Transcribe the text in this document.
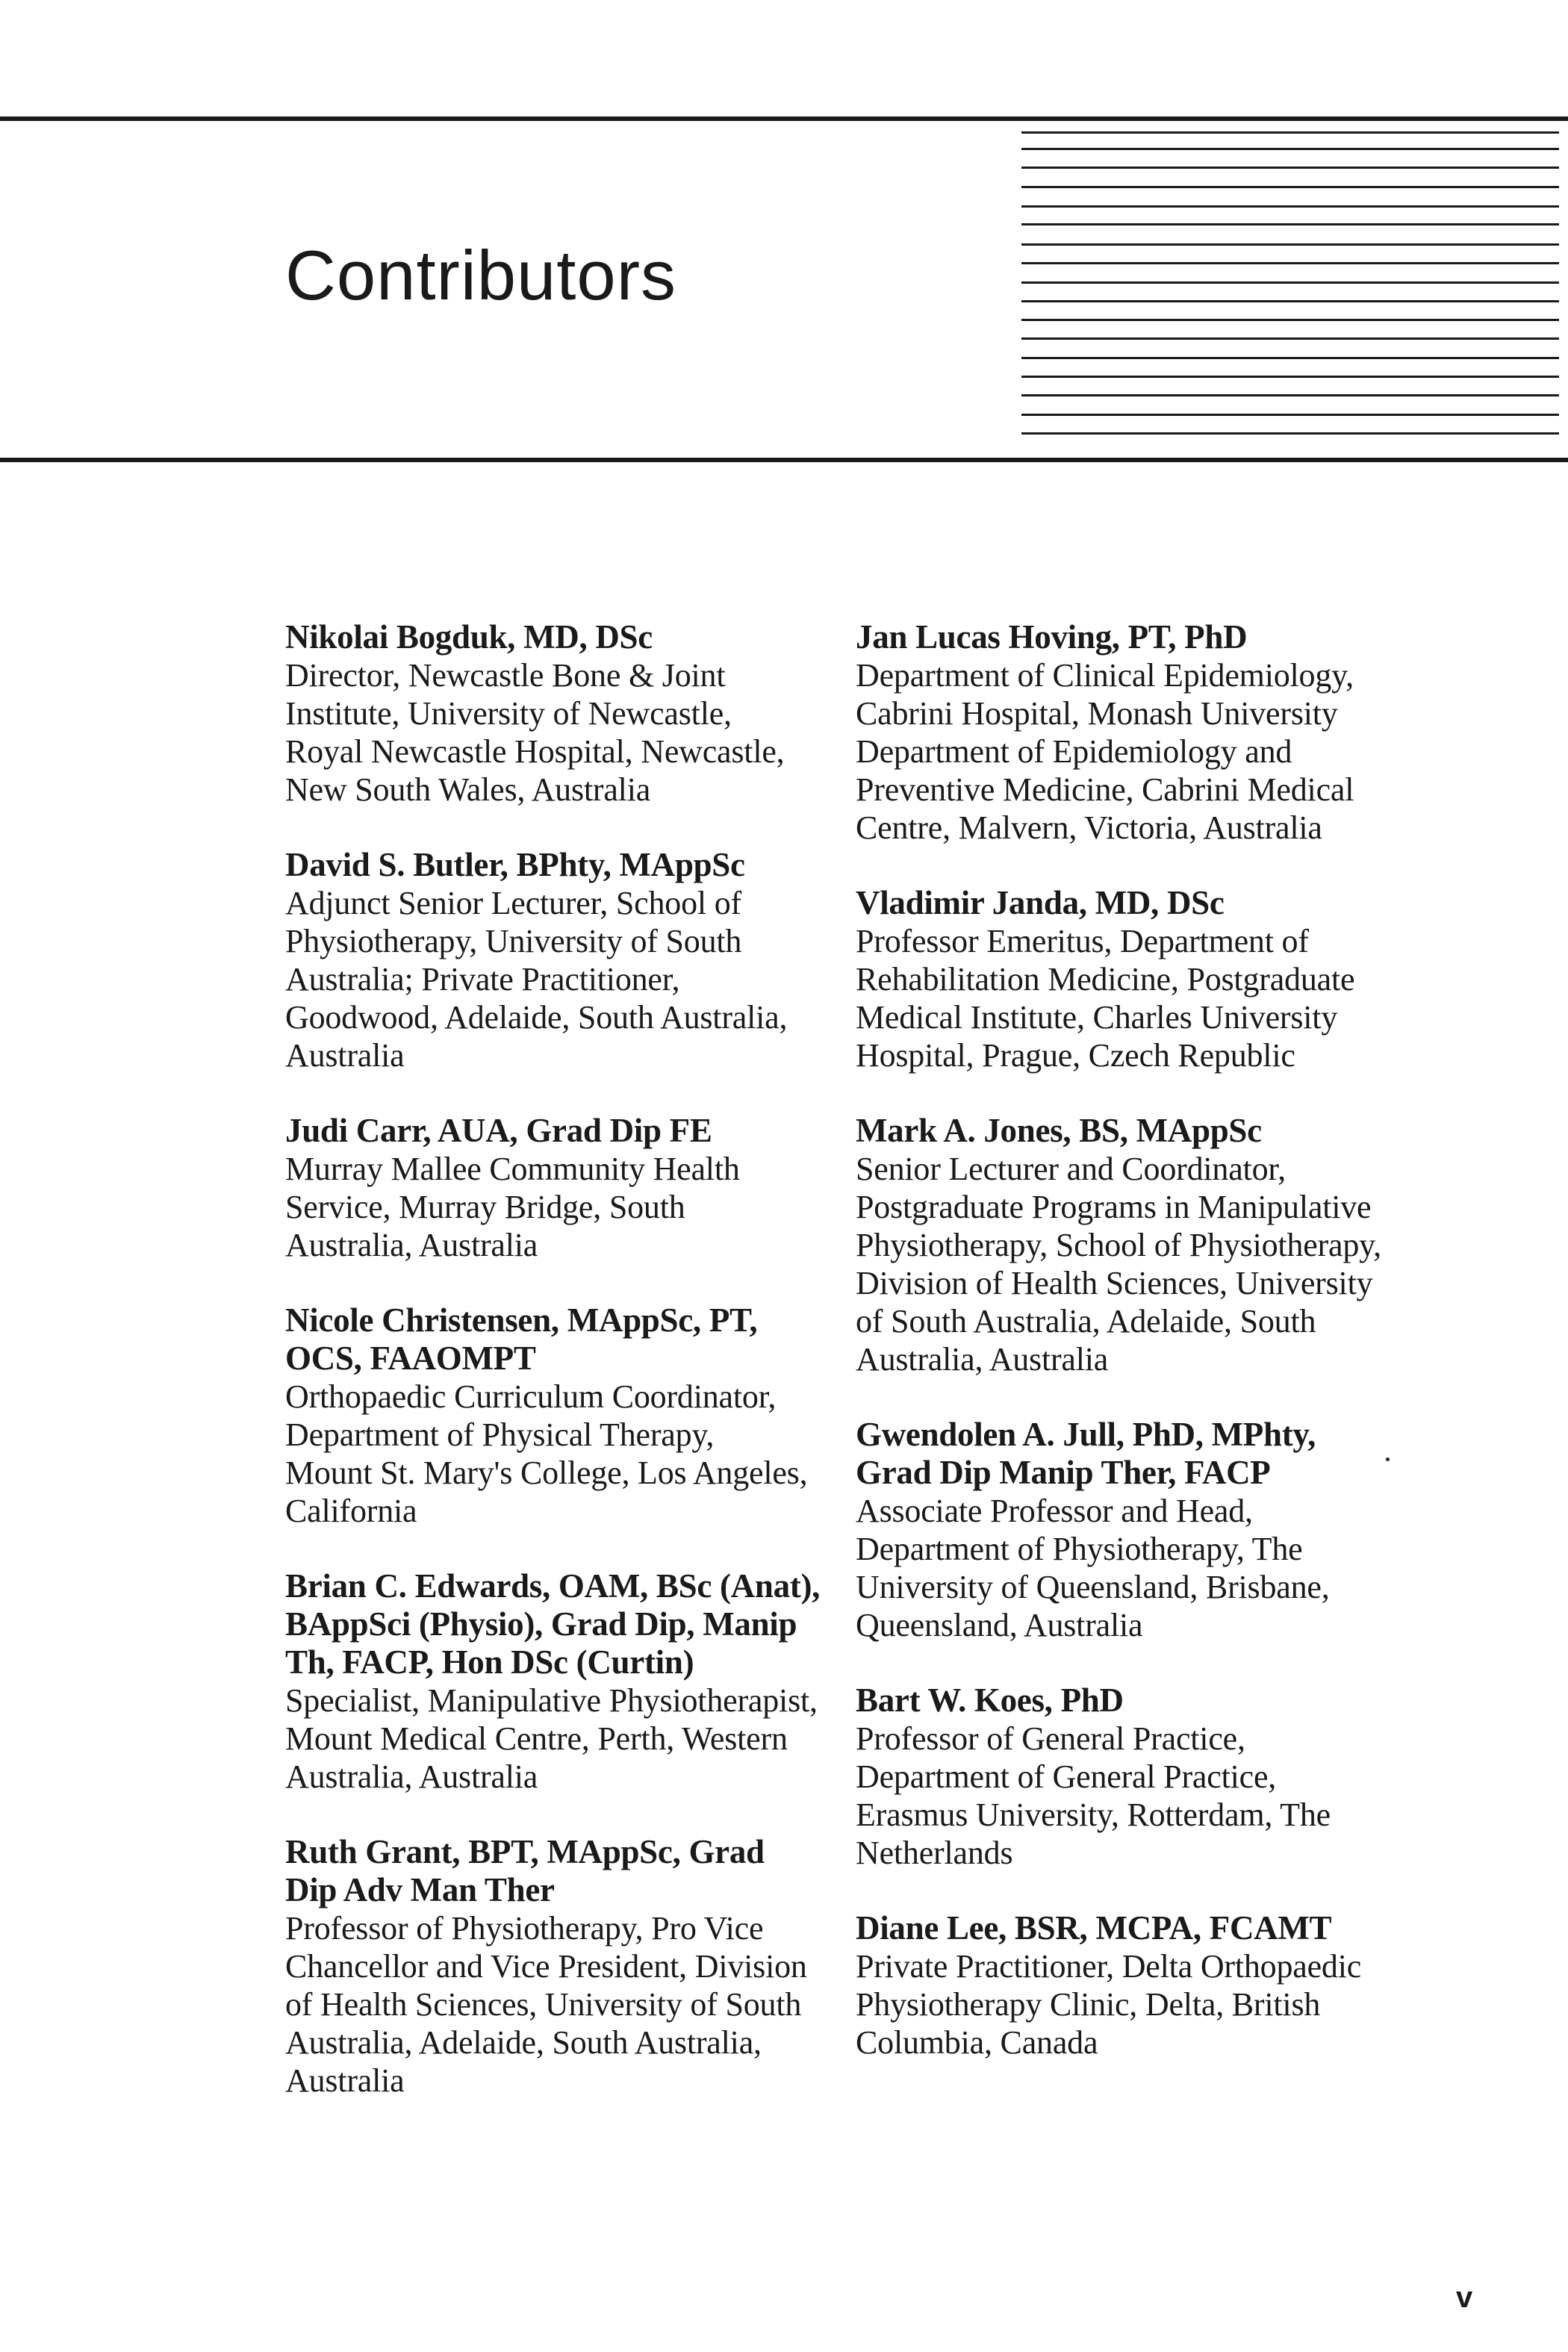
Contributors

Nikolai Bogduk, MD, DSc

Director, Newcastle Bone & Joint

Institute, University of Newcastle,

Royal Newcastle Hospital, Newcastle,

New South Wales, Australia

David S. Butler, BPhty, MAppSc

Adjunct Senior Lecturer, School of

Physiotherapy, University of South

Australia; Private Practitioner,

Goodwood, Adelaide, South Australia,

Australia

Judi Carr, AUA, Grad Dip FE

Murray Mallee Community Health

Service, Murray Bridge, South

Australia, Australia

Nicole Christensen, MAppSc, PT,

OCS, FAAOMPT

Orthopaedic Curriculum Coordinator,

Department of Physical Therapy,

Mount St. Mary's College, Los Angeles,

California

Brian C. Edwards, OAM, BSc (Anat),

BAppSci (Physio), Grad Dip, Manip

Th, FACP, Hon DSc (Curtin)

Specialist, Manipulative Physiotherapist,

Mount Medical Centre, Perth, Western

Australia, Australia

Ruth Grant, BPT, MAppSc, Grad

Dip Adv Man Ther

Professor of Physiotherapy, Pro Vice

Chancellor and Vice President, Division

of Health Sciences, University of South

Australia, Adelaide, South Australia,

Australia

Jan Lucas Hoving, PT, PhD

Department of Clinical Epidemiology,

Cabrini Hospital, Monash University

Department of Epidemiology and

Preventive Medicine, Cabrini Medical

Centre, Malvern, Victoria, Australia

Vladimir Janda, MD, DSc

Professor Emeritus, Department of

Rehabilitation Medicine, Postgraduate

Medical Institute, Charles University

Hospital, Prague, Czech Republic

Mark A. Jones, BS, MAppSc

Senior Lecturer and Coordinator,

Postgraduate Programs in Manipulative

Physiotherapy, School of Physiotherapy,

Division of Health Sciences, University

of South Australia, Adelaide, South

Australia, Australia

Gwendolen A. Jull, PhD, MPhty,

Grad Dip Manip Ther, FACP

Associate Professor and Head,

Department of Physiotherapy, The

University of Queensland, Brisbane,

Queensland, Australia

Bart W. Koes, PhD

Professor of General Practice,

Department of General Practice,

Erasmus University, Rotterdam, The

Netherlands

Diane Lee, BSR, MCPA, FCAMT

Private Practitioner, Delta Orthopaedic

Physiotherapy Clinic, Delta, British

Columbia, Canada

v
